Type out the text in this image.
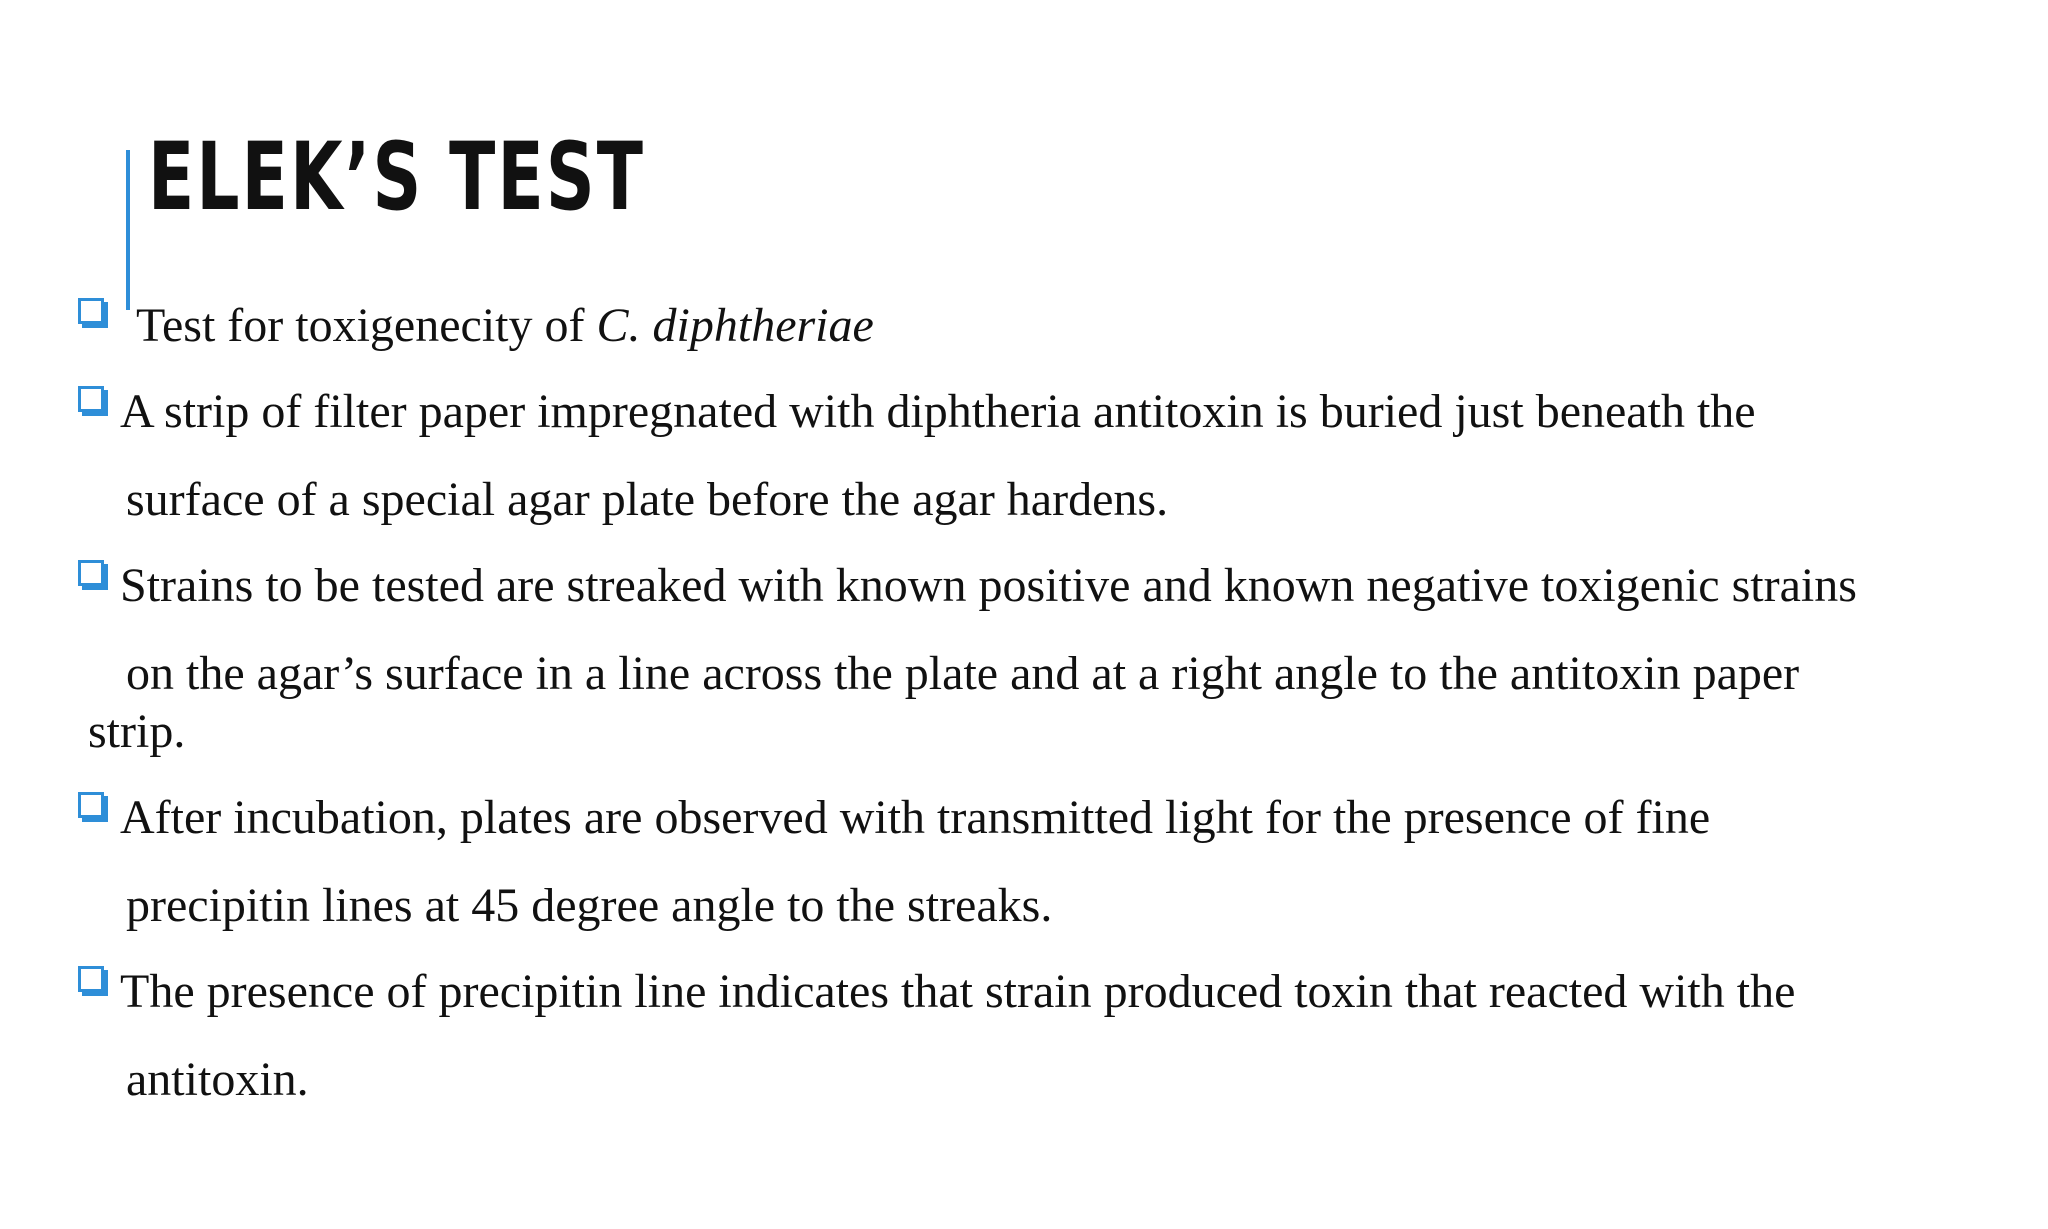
ELEK’S TEST

Test for toxigenecity of C. diphtheriae

A strip of filter paper impregnated with diphtheria antitoxin is buried just beneath the

surface of a special agar plate before the agar hardens.

Strains to be tested are streaked with known positive and known negative toxigenic strains

on the agar’s surface in a line across the plate and at a right angle to the antitoxin paper

strip.

After incubation, plates are observed with transmitted light for the presence of fine

precipitin lines at 45 degree angle to the streaks.

The presence of precipitin line indicates that strain produced toxin that reacted with the

antitoxin.
